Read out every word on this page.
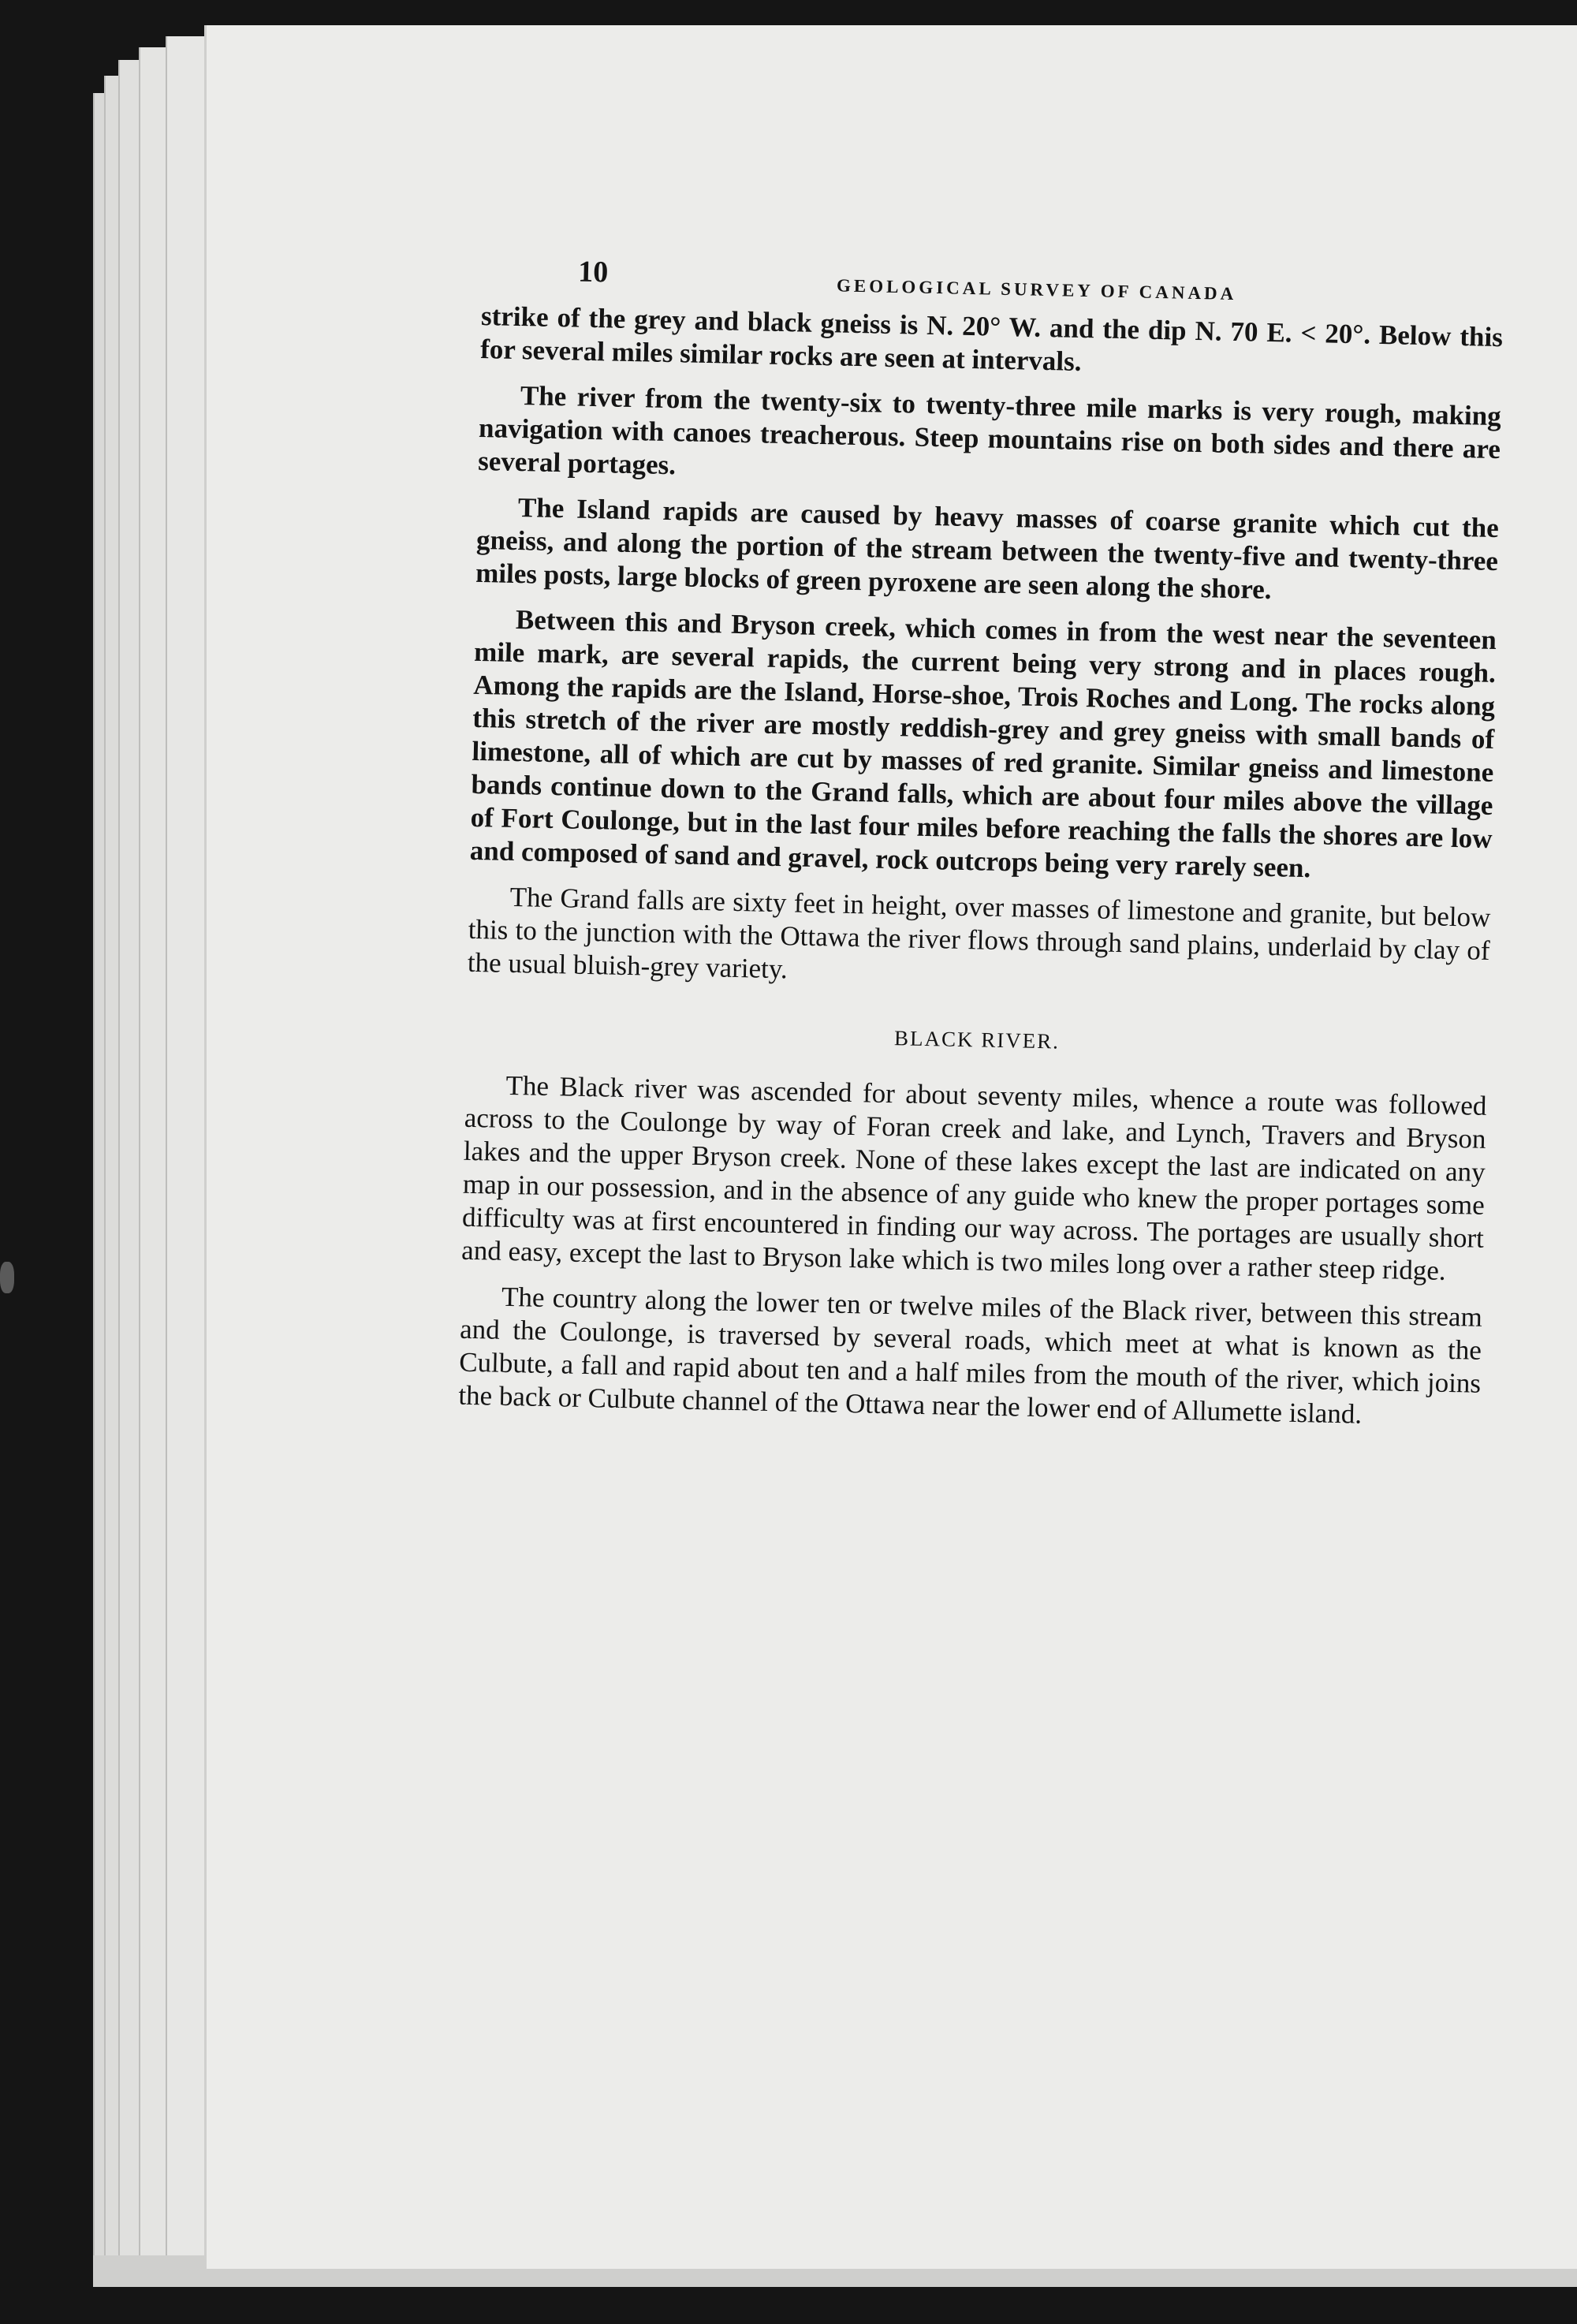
10
GEOLOGICAL SURVEY OF CANADA

strike of the grey and black gneiss is N. 20° W. and the dip N. 70 E. < 20°. Below this for several miles similar rocks are seen at intervals.

The river from the twenty-six to twenty-three mile marks is very rough, making navigation with canoes treacherous. Steep mountains rise on both sides and there are several portages.

The Island rapids are caused by heavy masses of coarse granite which cut the gneiss, and along the portion of the stream between the twenty-five and twenty-three miles posts, large blocks of green pyroxene are seen along the shore.

Between this and Bryson creek, which comes in from the west near the seventeen mile mark, are several rapids, the current being very strong and in places rough. Among the rapids are the Island, Horse-shoe, Trois Roches and Long. The rocks along this stretch of the river are mostly reddish-grey and grey gneiss with small bands of limestone, all of which are cut by masses of red granite. Similar gneiss and limestone bands continue down to the Grand falls, which are about four miles above the village of Fort Coulonge, but in the last four miles before reaching the falls the shores are low and composed of sand and gravel, rock outcrops being very rarely seen.

The Grand falls are sixty feet in height, over masses of limestone and granite, but below this to the junction with the Ottawa the river flows through sand plains, underlaid by clay of the usual bluish-grey variety.

BLACK RIVER.

The Black river was ascended for about seventy miles, whence a route was followed across to the Coulonge by way of Foran creek and lake, and Lynch, Travers and Bryson lakes and the upper Bryson creek. None of these lakes except the last are indicated on any map in our possession, and in the absence of any guide who knew the proper portages some difficulty was at first encountered in finding our way across. The portages are usually short and easy, except the last to Bryson lake which is two miles long over a rather steep ridge.

The country along the lower ten or twelve miles of the Black river, between this stream and the Coulonge, is traversed by several roads, which meet at what is known as the Culbute, a fall and rapid about ten and a half miles from the mouth of the river, which joins the back or Culbute channel of the Ottawa near the lower end of Allumette island.
